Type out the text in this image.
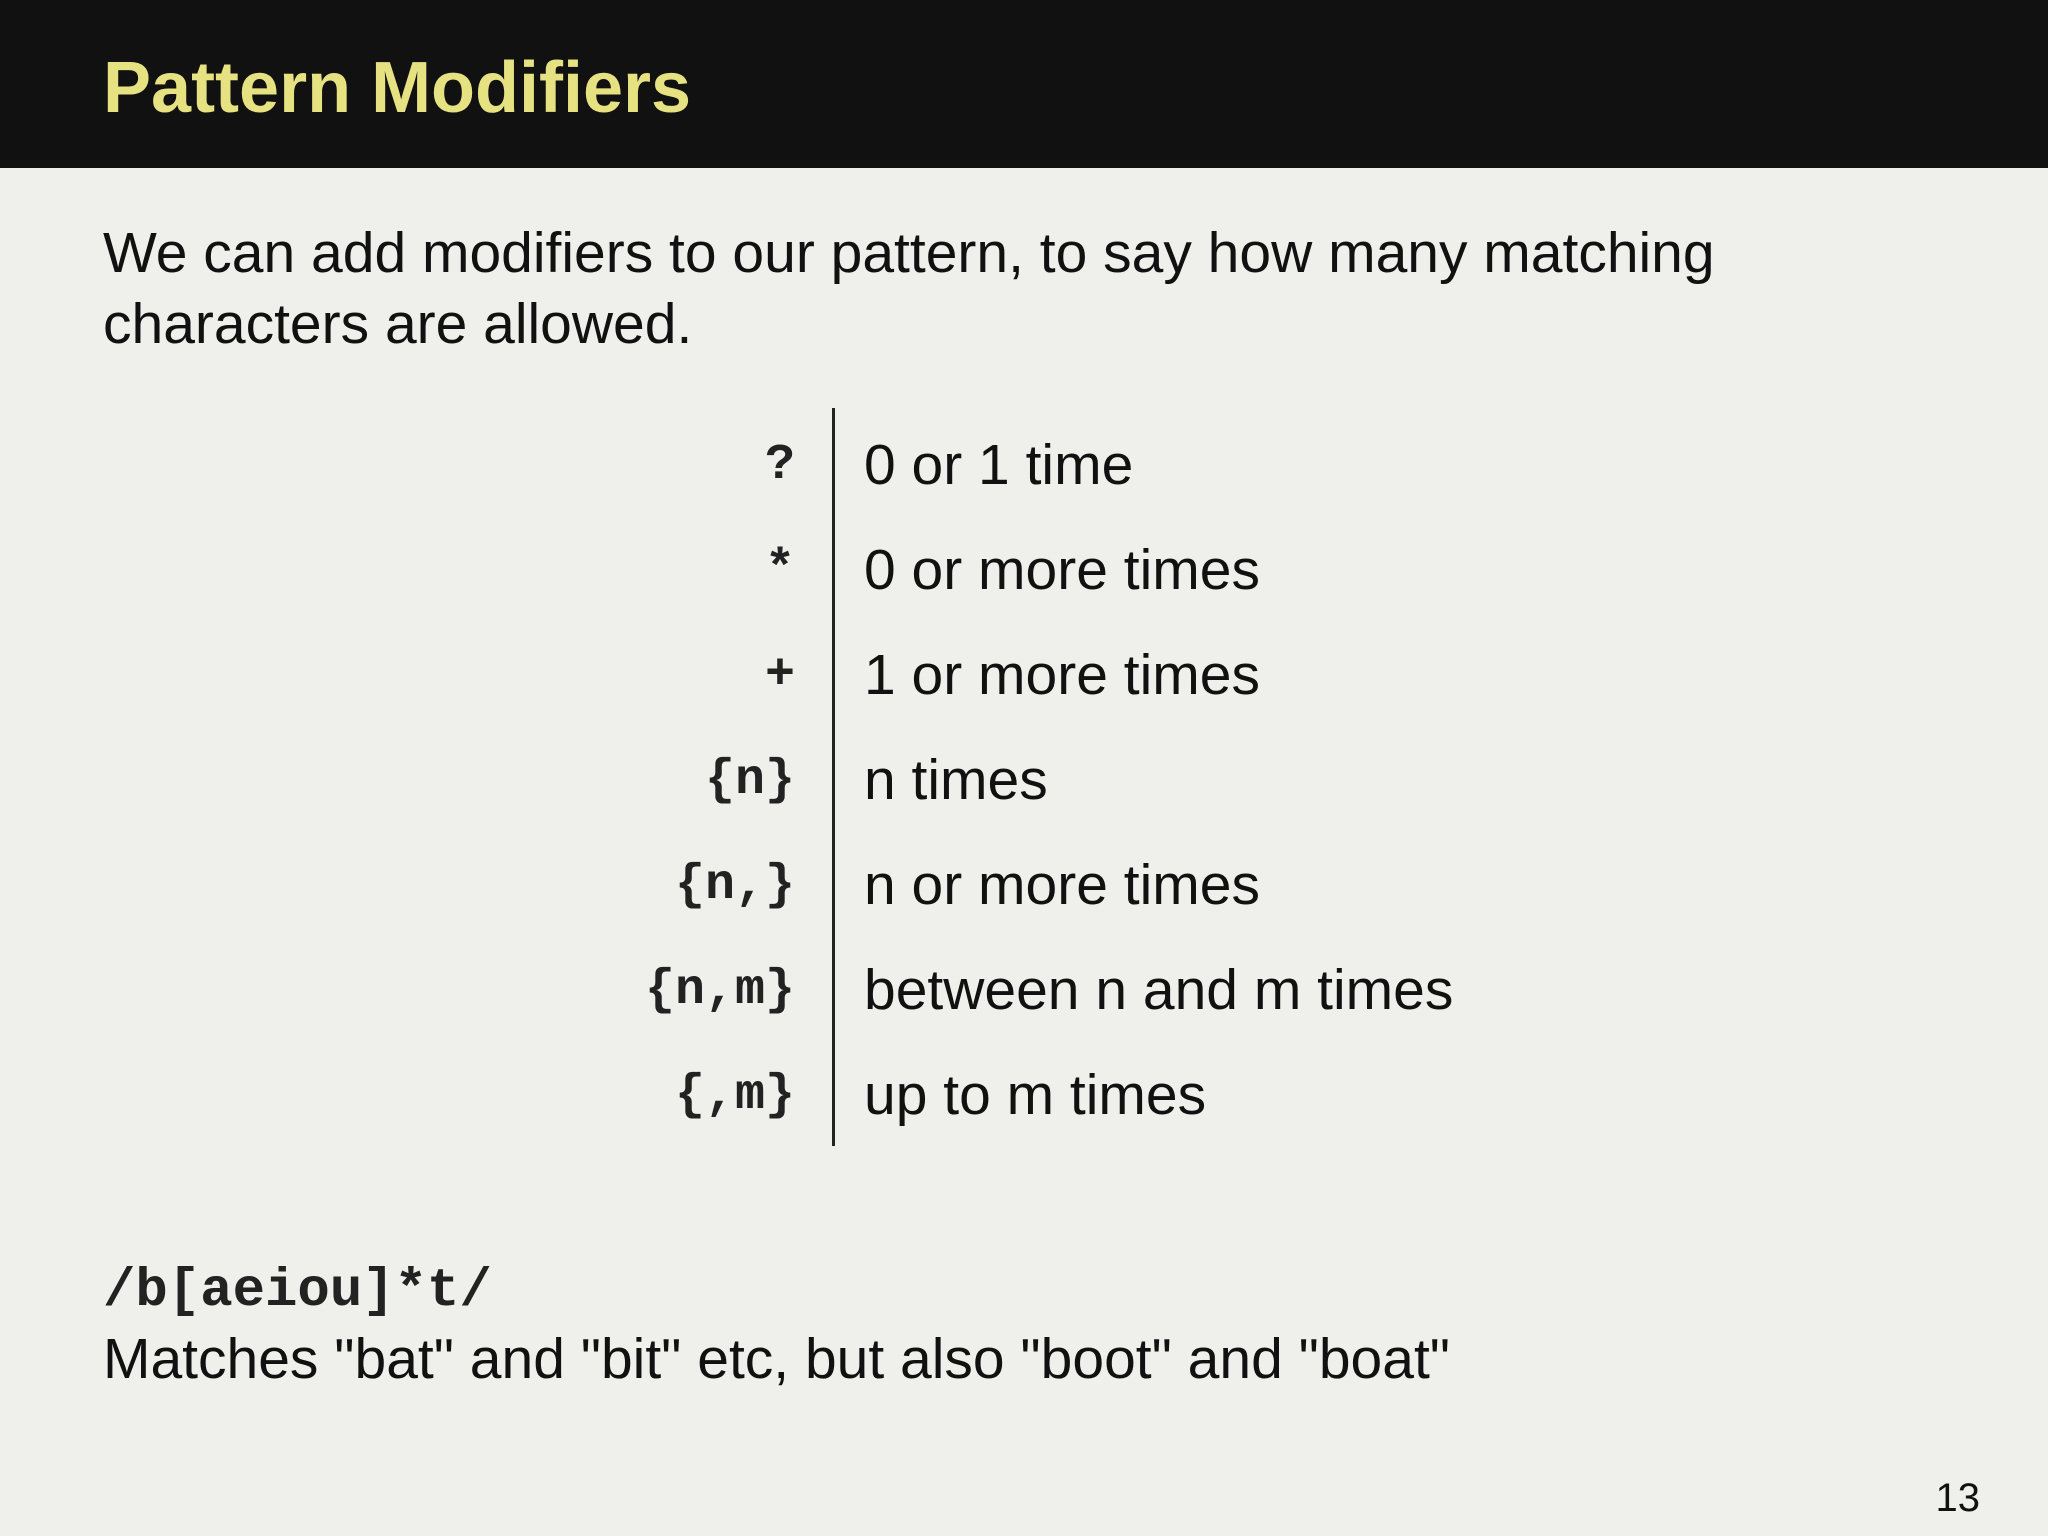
Pattern Modifiers

We can add modifiers to our pattern, to say how many matching characters are allowed.

? 0 or 1 time
* 0 or more times
+ 1 or more times
{n} n times
{n,} n or more times
{n,m} between n and m times
{,m} up to m times

/b[aeiou]*t/

Matches "bat" and "bit" etc, but also "boot" and "boat"

13
